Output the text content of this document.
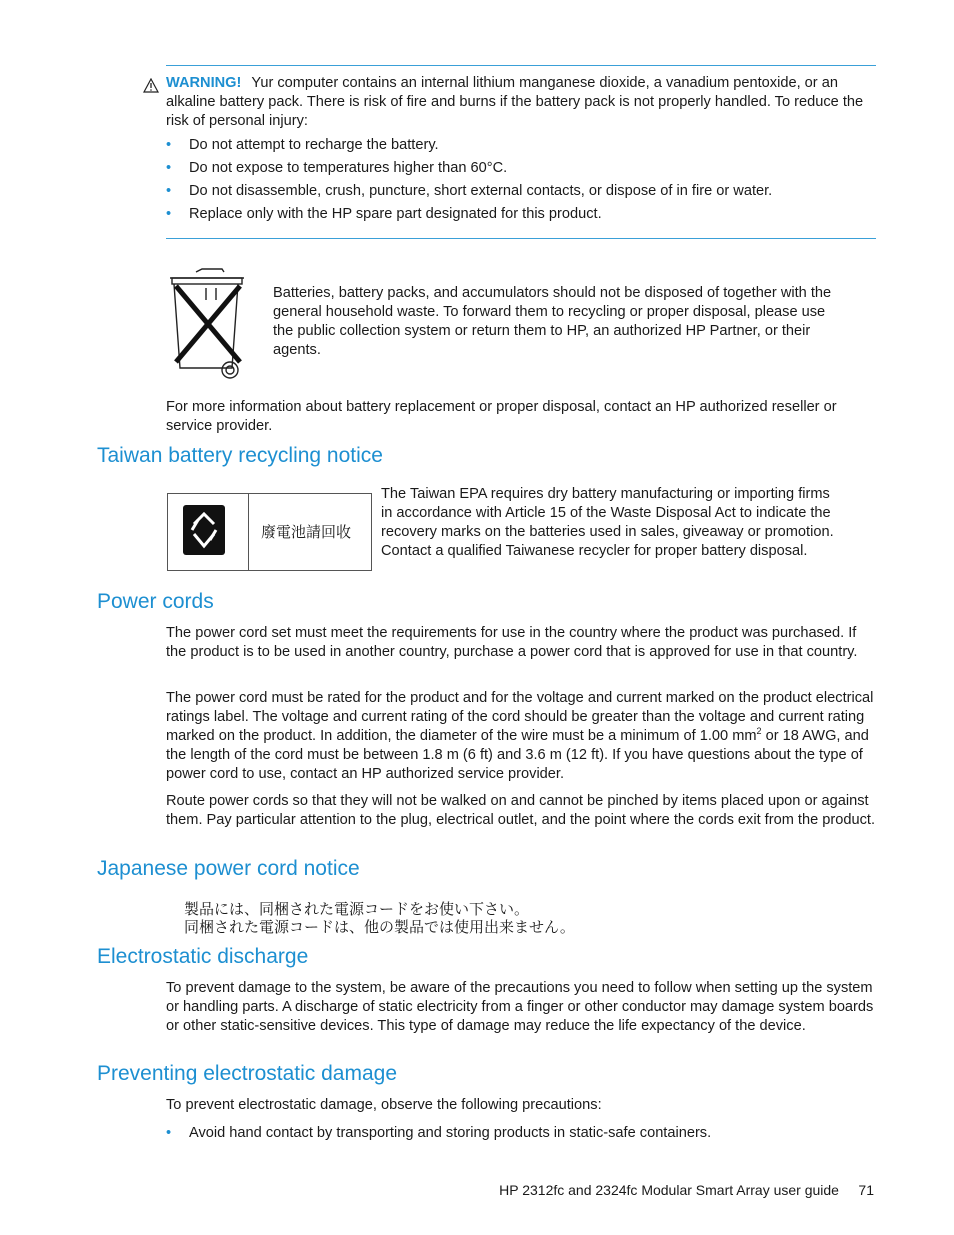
WARNING! Yur computer contains an internal lithium manganese dioxide, a vanadium pentoxide, or an alkaline battery pack. There is risk of fire and burns if the battery pack is not properly handled. To reduce the risk of personal injury:

• Do not attempt to recharge the battery.
• Do not expose to temperatures higher than 60°C.
• Do not disassemble, crush, puncture, short external contacts, or dispose of in fire or water.
• Replace only with the HP spare part designated for this product.

Batteries, battery packs, and accumulators should not be disposed of together with the general household waste. To forward them to recycling or proper disposal, please use the public collection system or return them to HP, an authorized HP Partner, or their agents.

For more information about battery replacement or proper disposal, contact an HP authorized reseller or service provider.

Taiwan battery recycling notice
廢電池請回收

The Taiwan EPA requires dry battery manufacturing or importing firms in accordance with Article 15 of the Waste Disposal Act to indicate the recovery marks on the batteries used in sales, giveaway or promotion. Contact a qualified Taiwanese recycler for proper battery disposal.

Power cords

The power cord set must meet the requirements for use in the country where the product was purchased. If the product is to be used in another country, purchase a power cord that is approved for use in that country.

The power cord must be rated for the product and for the voltage and current marked on the product electrical ratings label. The voltage and current rating of the cord should be greater than the voltage and current rating marked on the product. In addition, the diameter of the wire must be a minimum of 1.00 $mm^2$ or 18 AWG, and the length of the cord must be between 1.8 m (6 ft) and 3.6 m (12 ft). If you have questions about the type of power cord to use, contact an HP authorized service provider.

Route power cords so that they will not be walked on and cannot be pinched by items placed upon or against them. Pay particular attention to the plug, electrical outlet, and the point where the cords exit from the product.

Japanese power cord notice

製品には、同梱された電源コードをお使い下さい。

同梱された電源コードは、他の製品では使用出来ません。

Electrostatic discharge

To prevent damage to the system, be aware of the precautions you need to follow when setting up the system or handling parts. A discharge of static electricity from a finger or other conductor may damage system boards or other static-sensitive devices. This type of damage may reduce the life expectancy of the device.

Preventing electrostatic damage

To prevent electrostatic damage, observe the following precautions:

• Avoid hand contact by transporting and storing products in static-safe containers.
HP 2312fc and 2324fc Modular Smart Array user guide 71
